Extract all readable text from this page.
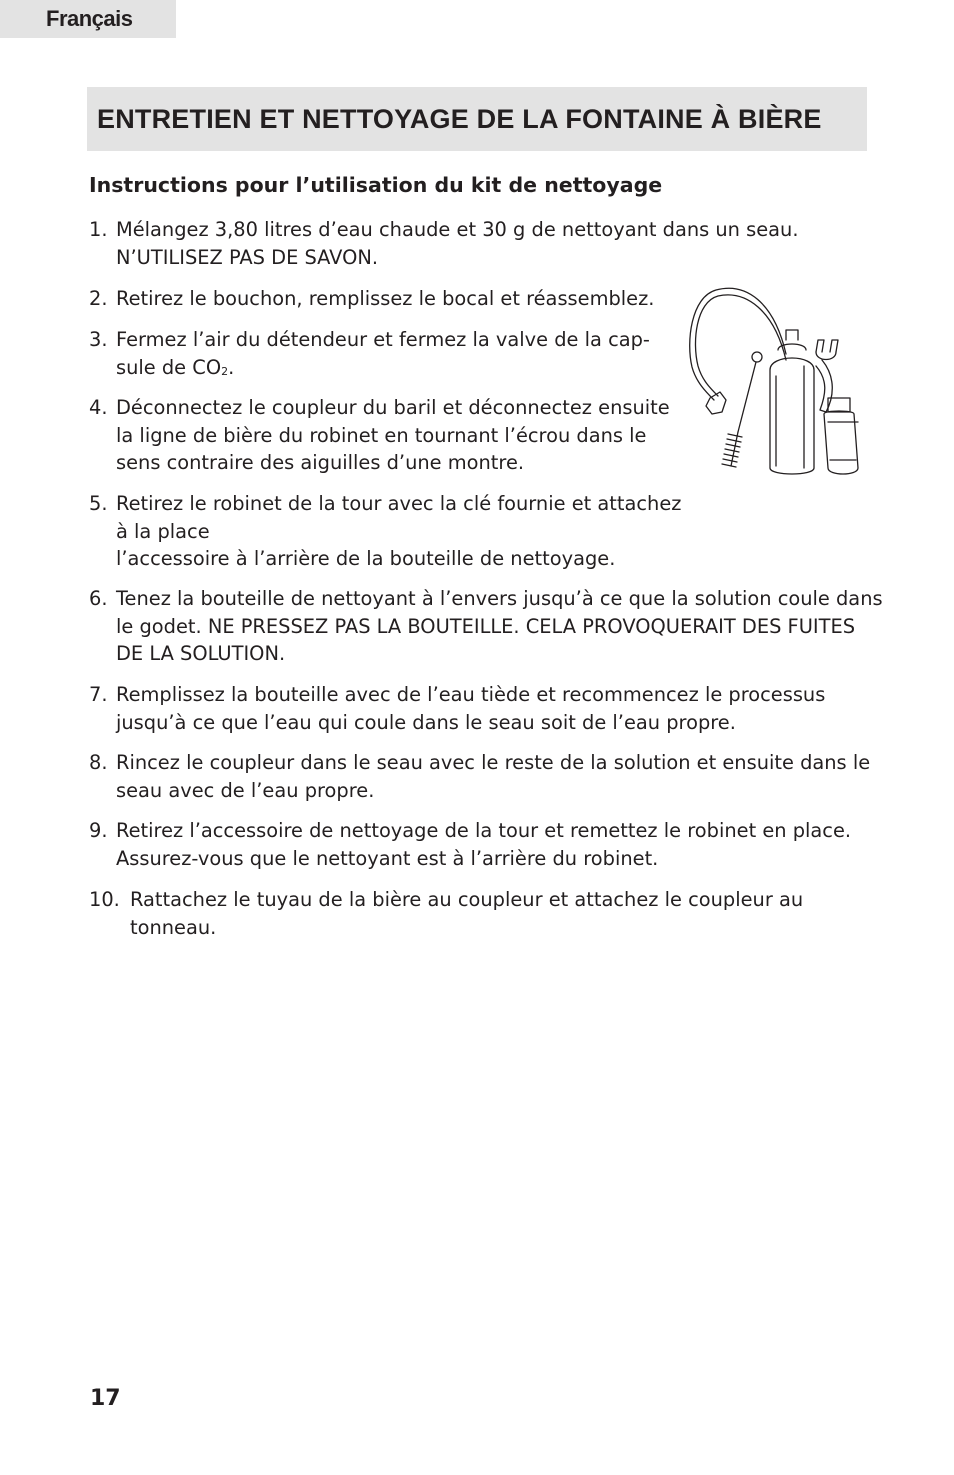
Français
ENTRETIEN ET NETTOYAGE DE LA FONTAINE À BIÈRE
Instructions pour l’utilisation du kit de nettoyage
1. Mélangez 3,80 litres d’eau chaude et 30 g de nettoyant dans un seau.
N’UTILISEZ PAS DE SAVON.
2. Retirez le bouchon, remplissez le bocal et réassemblez.
3. Fermez l’air du détendeur et fermez la valve de la cap-
sule de $CO_2$.
4. Déconnectez le coupleur du baril et déconnectez ensuite
la ligne de bière du robinet en tournant l’écrou dans le
sens contraire des aiguilles d’une montre.
5. Retirez le robinet de la tour avec la clé fournie et attachez
à la place
l’accessoire à l’arrière de la bouteille de nettoyage.
6. Tenez la bouteille de nettoyant à l’envers jusqu’à ce que la solution coule dans
le godet. NE PRESSEZ PAS LA BOUTEILLE. CELA PROVOQUERAIT DES FUITES
DE LA SOLUTION.
7. Remplissez la bouteille avec de l’eau tiède et recommencez le processus
jusqu’à ce que l’eau qui coule dans le seau soit de l’eau propre.
8. Rincez le coupleur dans le seau avec le reste de la solution et ensuite dans le
seau avec de l’eau propre.
9. Retirez l’accessoire de nettoyage de la tour et remettez le robinet en place.
Assurez-vous que le nettoyant est à l’arrière du robinet.
10. Rattachez le tuyau de la bière au coupleur et attachez le coupleur au
tonneau.
17
